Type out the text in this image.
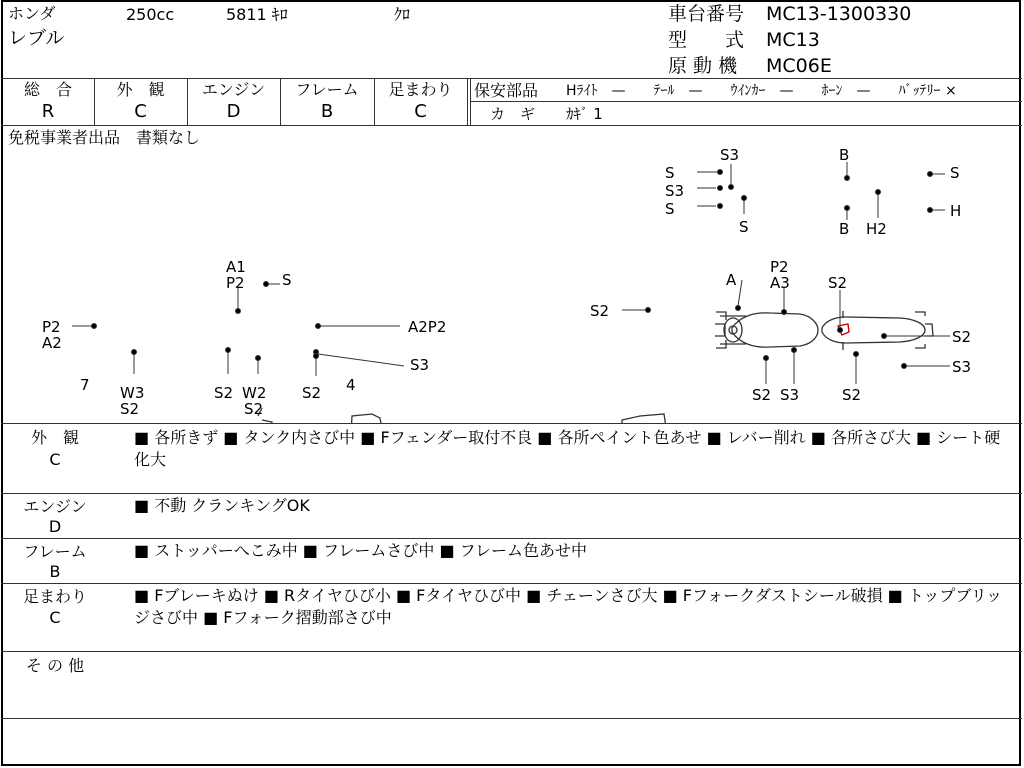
ホンダ
レブル
250cc	5811 ｷﾛ	ｸﾛ	車台番号 MC13-1300330
型　　式 MC13
原 動 機 MC06E
総　合
R
外　観
C
エンジン
D
フレーム
B
足まわり
C
保安部品 Hﾗｲﾄ　—　　ﾃｰﾙ　—　　ｳｲﾝｶｰ　—　　ﾎｰﾝ　—　　ﾊﾞｯﾃﾘｰ ×
カ　ギ ｶｷﾞ 1
免税事業者出品　書類なし
S
S3
S
S3
S
B
B H2
S
H
A1
P2 S
P2
A2
A2P2
S3
7 W3
S2
S2 W2
S2
S2 4
A
P2
A3
S2
S2
S2
S3
S2 S3	S2
外　観
C
■ 各所きず ■ タンク内さび中 ■ Fフェンダー取付不良 ■ 各所ペイント色あせ ■ レバー削れ ■ 各所さび大 ■ シート硬化大
エンジン
D
■ 不動 クランキングOK
フレーム
B
■ ストッパーへこみ中 ■ フレームさび中 ■ フレーム色あせ中
足まわり
C
■ Fブレーキぬけ ■ Rタイヤひび小 ■ Fタイヤひび中 ■ チェーンさび大 ■ Fフォークダストシール破損 ■ トップブリッジさび中 ■ Fフォーク摺動部さび中
そ の 他
